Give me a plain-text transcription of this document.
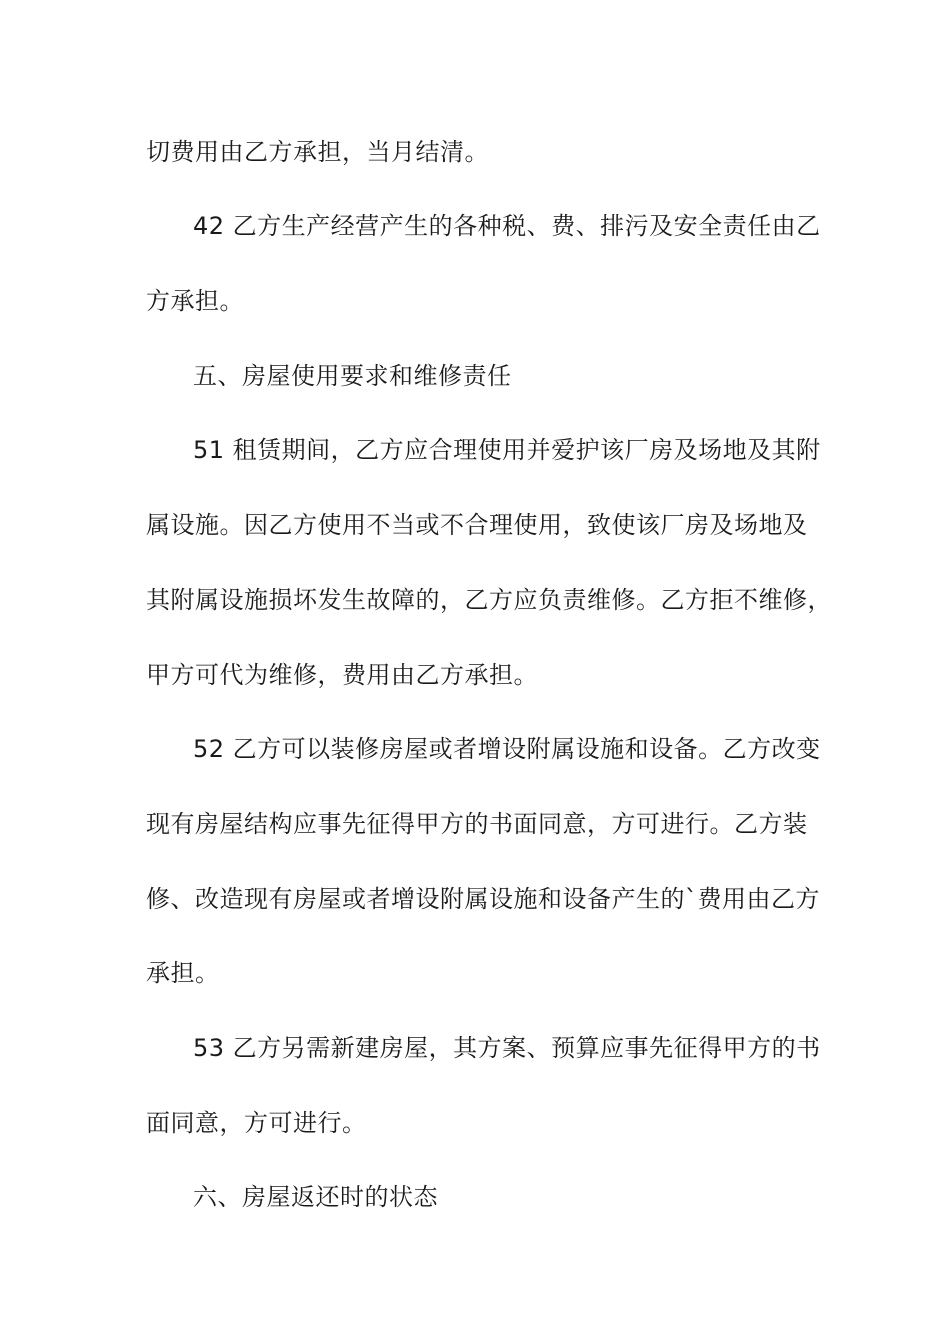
切费用由乙方承担，当月结清。
42 乙方生产经营产生的各种税、费、排污及安全责任由乙
方承担。
五、房屋使用要求和维修责任
51 租赁期间，乙方应合理使用并爱护该厂房及场地及其附
属设施。因乙方使用不当或不合理使用，致使该厂房及场地及
其附属设施损坏发生故障的，乙方应负责维修。乙方拒不维修，
甲方可代为维修，费用由乙方承担。
52 乙方可以装修房屋或者增设附属设施和设备。乙方改变
现有房屋结构应事先征得甲方的书面同意，方可进行。乙方装
修、改造现有房屋或者增设附属设施和设备产生的`费用由乙方
承担。
53 乙方另需新建房屋，其方案、预算应事先征得甲方的书
面同意，方可进行。
六、房屋返还时的状态
